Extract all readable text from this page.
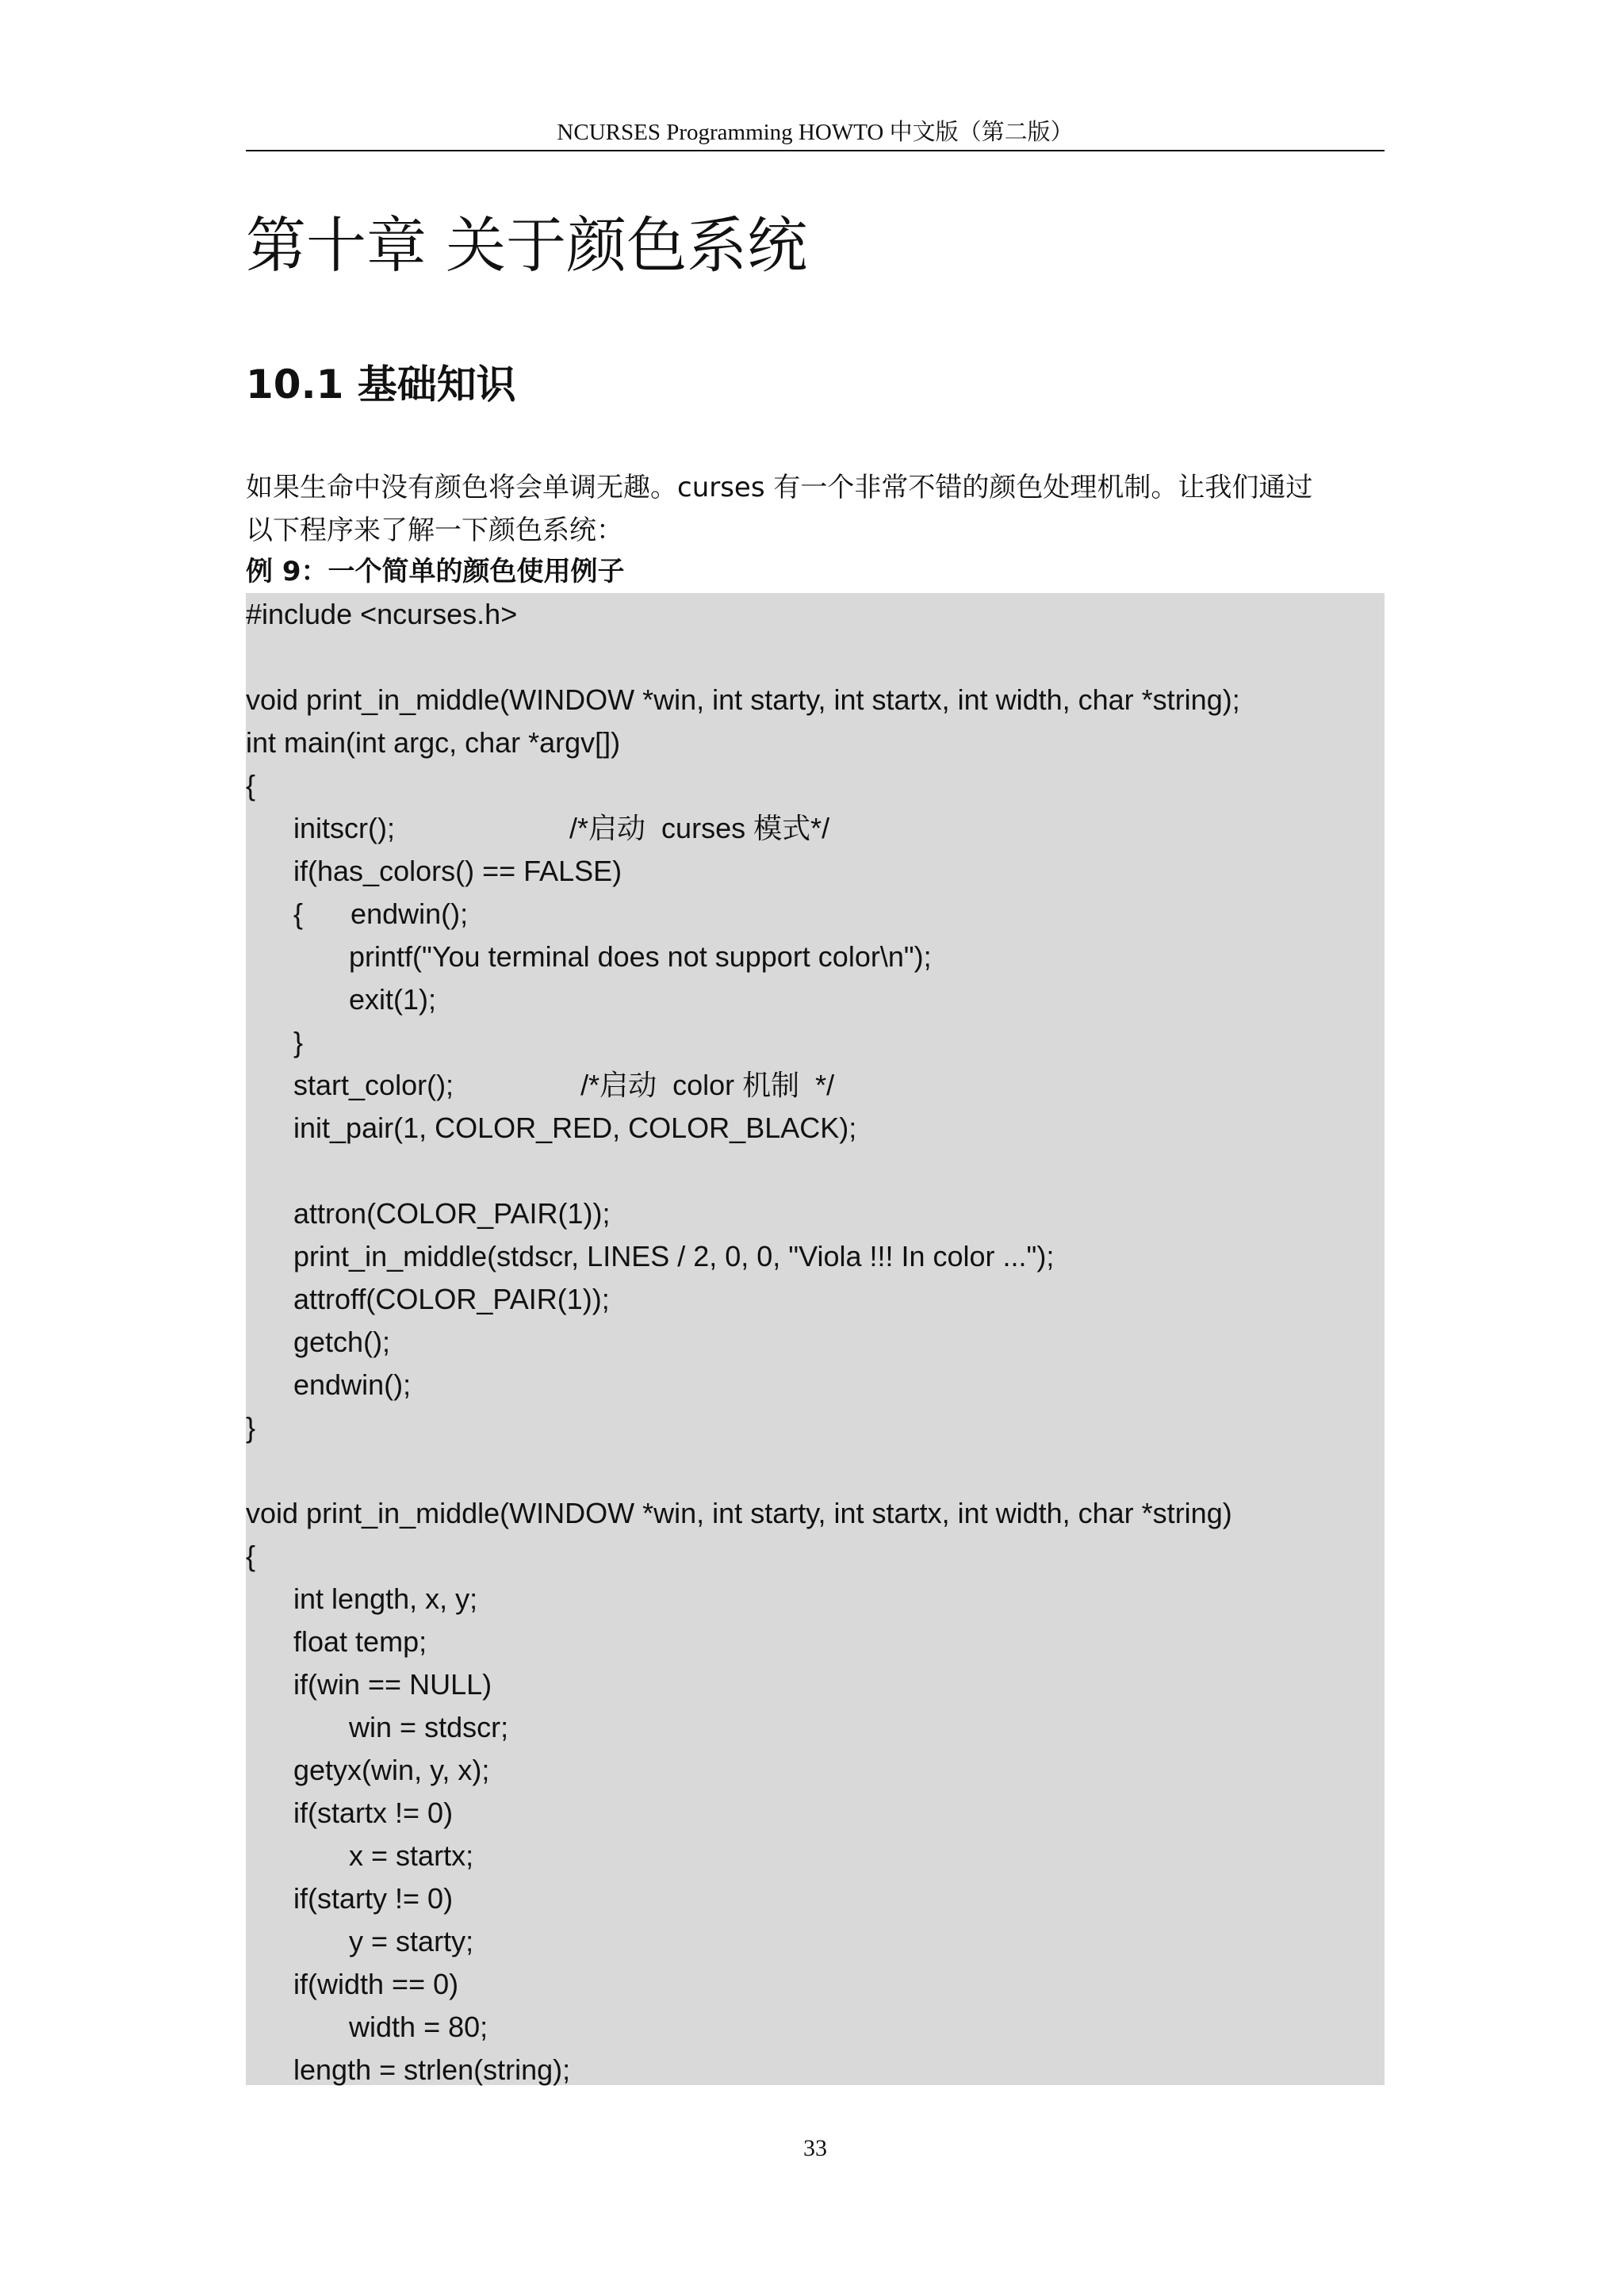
NCURSES Programming HOWTO 中文版（第二版）
第十章 关于颜色系统
10.1 基础知识

如果生命中没有颜色将会单调无趣。curses 有一个非常不错的颜色处理机制。让我们通过
以下程序来了解一下颜色系统：

例 9：一个简单的颜色使用例子
#include <ncurses.h>
void print_in_middle(WINDOW *win, int starty, int startx, int width, char *string);
int main(int argc, char *argv[])
{
initscr();                      /*启动  curses 模式*/
if(has_colors() == FALSE)
{      endwin();
printf("You terminal does not support color\n");
exit(1);
}
start_color();                /*启动  color 机制  */
init_pair(1, COLOR_RED, COLOR_BLACK);
attron(COLOR_PAIR(1));
print_in_middle(stdscr, LINES / 2, 0, 0, "Viola !!! In color ...");
attroff(COLOR_PAIR(1));
getch();
endwin();
}
void print_in_middle(WINDOW *win, int starty, int startx, int width, char *string)
{
int length, x, y;
float temp;
if(win == NULL)
win = stdscr;
getyx(win, y, x);
if(startx != 0)
x = startx;
if(starty != 0)
y = starty;
if(width == 0)
width = 80;
length = strlen(string);
33
